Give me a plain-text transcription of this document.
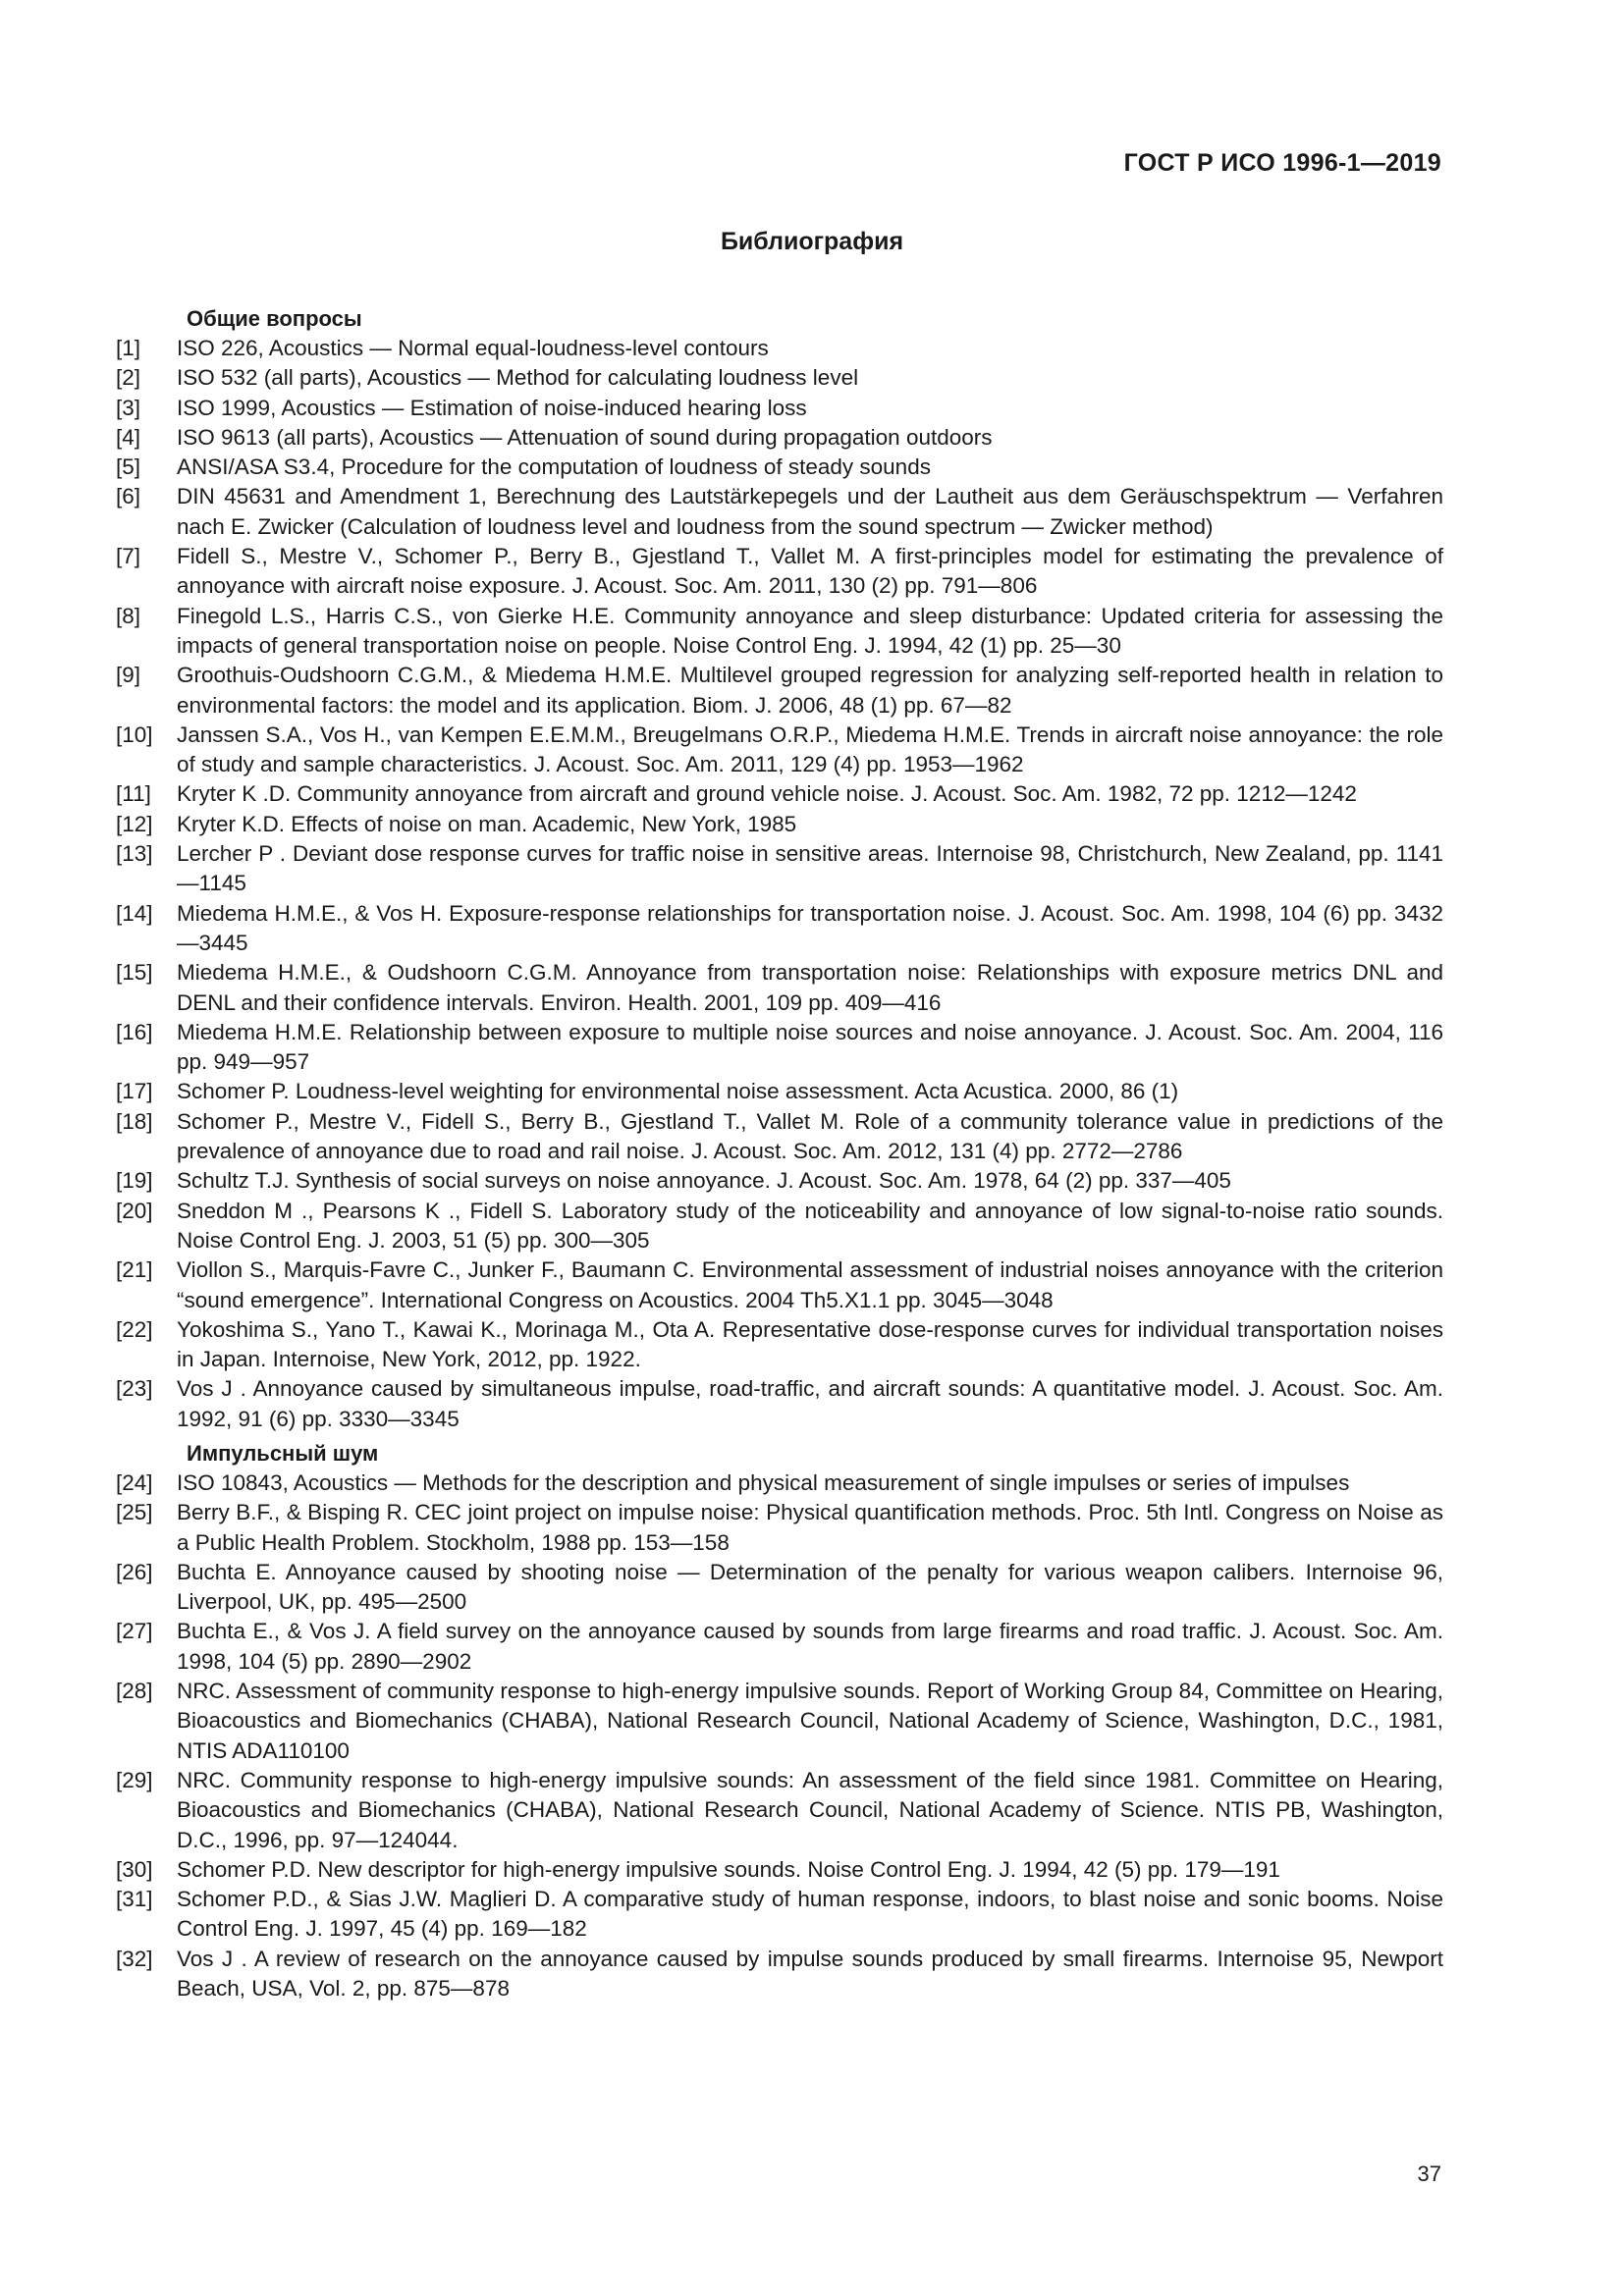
ГОСТ Р ИСО 1996-1—2019
Библиография
Общие вопросы
[1]	ISO 226, Acoustics — Normal equal-loudness-level contours
[2]	ISO 532 (all parts), Acoustics — Method for calculating loudness level
[3]	ISO 1999, Acoustics — Estimation of noise-induced hearing loss
[4]	ISO 9613 (all parts), Acoustics — Attenuation of sound during propagation outdoors
[5]	ANSI/ASA S3.4, Procedure for the computation of loudness of steady sounds
[6]	DIN 45631 and Amendment 1, Berechnung des Lautstärkepegels und der Lautheit aus dem Geräuschspektrum — Verfahren nach E. Zwicker (Calculation of loudness level and loudness from the sound spectrum — Zwicker method)
[7]	Fidell S., Mestre V., Schomer P., Berry B., Gjestland T., Vallet M. A first-principles model for estimating the prevalence of annoyance with aircraft noise exposure. J. Acoust. Soc. Am. 2011, 130 (2) pp. 791—806
[8]	Finegold L.S., Harris C.S., von Gierke H.E. Community annoyance and sleep disturbance: Updated criteria for assessing the impacts of general transportation noise on people. Noise Control Eng. J. 1994, 42 (1) pp. 25—30
[9]	Groothuis-Oudshoorn C.G.M., & Miedema H.M.E. Multilevel grouped regression for analyzing self-reported health in relation to environmental factors: the model and its application. Biom. J. 2006, 48 (1) pp. 67—82
[10]	Janssen S.A., Vos H., van Kempen E.E.M.M., Breugelmans O.R.P., Miedema H.M.E. Trends in aircraft noise annoyance: the role of study and sample characteristics. J. Acoust. Soc. Am. 2011, 129 (4) pp. 1953—1962
[11]	Kryter K .D. Community annoyance from aircraft and ground vehicle noise. J. Acoust. Soc. Am. 1982, 72 pp. 1212—1242
[12]	Kryter K.D. Effects of noise on man. Academic, New York, 1985
[13]	Lercher P . Deviant dose response curves for traffic noise in sensitive areas. Internoise 98, Christchurch, New Zealand, pp. 1141—1145
[14]	Miedema H.M.E., & Vos H. Exposure-response relationships for transportation noise. J. Acoust. Soc. Am. 1998, 104 (6) pp. 3432—3445
[15]	Miedema H.M.E., & Oudshoorn C.G.M. Annoyance from transportation noise: Relationships with exposure metrics DNL and DENL and their confidence intervals. Environ. Health. 2001, 109 pp. 409—416
[16]	Miedema H.M.E. Relationship between exposure to multiple noise sources and noise annoyance. J. Acoust. Soc. Am. 2004, 116 pp. 949—957
[17]	Schomer P. Loudness-level weighting for environmental noise assessment. Acta Acustica. 2000, 86 (1)
[18]	Schomer P., Mestre V., Fidell S., Berry B., Gjestland T., Vallet M. Role of a community tolerance value in predictions of the prevalence of annoyance due to road and rail noise. J. Acoust. Soc. Am. 2012, 131 (4) pp. 2772—2786
[19]	Schultz T.J. Synthesis of social surveys on noise annoyance. J. Acoust. Soc. Am. 1978, 64 (2) pp. 337—405
[20]	Sneddon M ., Pearsons K ., Fidell S. Laboratory study of the noticeability and annoyance of low signal-to-noise ratio sounds. Noise Control Eng. J. 2003, 51 (5) pp. 300—305
[21]	Viollon S., Marquis-Favre C., Junker F., Baumann C. Environmental assessment of industrial noises annoyance with the criterion “sound emergence”. International Congress on Acoustics. 2004 Th5.X1.1 pp. 3045—3048
[22]	Yokoshima S., Yano T., Kawai K., Morinaga M., Ota A. Representative dose-response curves for individual transportation noises in Japan. Internoise, New York, 2012, pp. 1922.
[23]	Vos J . Annoyance caused by simultaneous impulse, road-traffic, and aircraft sounds: A quantitative model. J. Acoust. Soc. Am. 1992, 91 (6) pp. 3330—3345
Импульсный шум
[24]	ISO 10843, Acoustics — Methods for the description and physical measurement of single impulses or series of impulses
[25]	Berry B.F., & Bisping R. CEC joint project on impulse noise: Physical quantification methods. Proc. 5th Intl. Congress on Noise as a Public Health Problem. Stockholm, 1988 pp. 153—158
[26]	Buchta E. Annoyance caused by shooting noise — Determination of the penalty for various weapon calibers. Internoise 96, Liverpool, UK, pp. 495—2500
[27]	Buchta E., & Vos J. A field survey on the annoyance caused by sounds from large firearms and road traffic. J. Acoust. Soc. Am. 1998, 104 (5) pp. 2890—2902
[28]	NRC. Assessment of community response to high-energy impulsive sounds. Report of Working Group 84, Committee on Hearing, Bioacoustics and Biomechanics (CHABA), National Research Council, National Academy of Science, Washington, D.C., 1981, NTIS ADA110100
[29]	NRC. Community response to high-energy impulsive sounds: An assessment of the field since 1981. Committee on Hearing, Bioacoustics and Biomechanics (CHABA), National Research Council, National Academy of Science. NTIS PB, Washington, D.C., 1996, pp. 97—124044.
[30]	Schomer P.D. New descriptor for high-energy impulsive sounds. Noise Control Eng. J. 1994, 42 (5) pp. 179—191
[31]	Schomer P.D., & Sias J.W. Maglieri D. A comparative study of human response, indoors, to blast noise and sonic booms. Noise Control Eng. J. 1997, 45 (4) pp. 169—182
[32]	Vos J . A review of research on the annoyance caused by impulse sounds produced by small firearms. Internoise 95, Newport Beach, USA, Vol. 2, pp. 875—878
37
